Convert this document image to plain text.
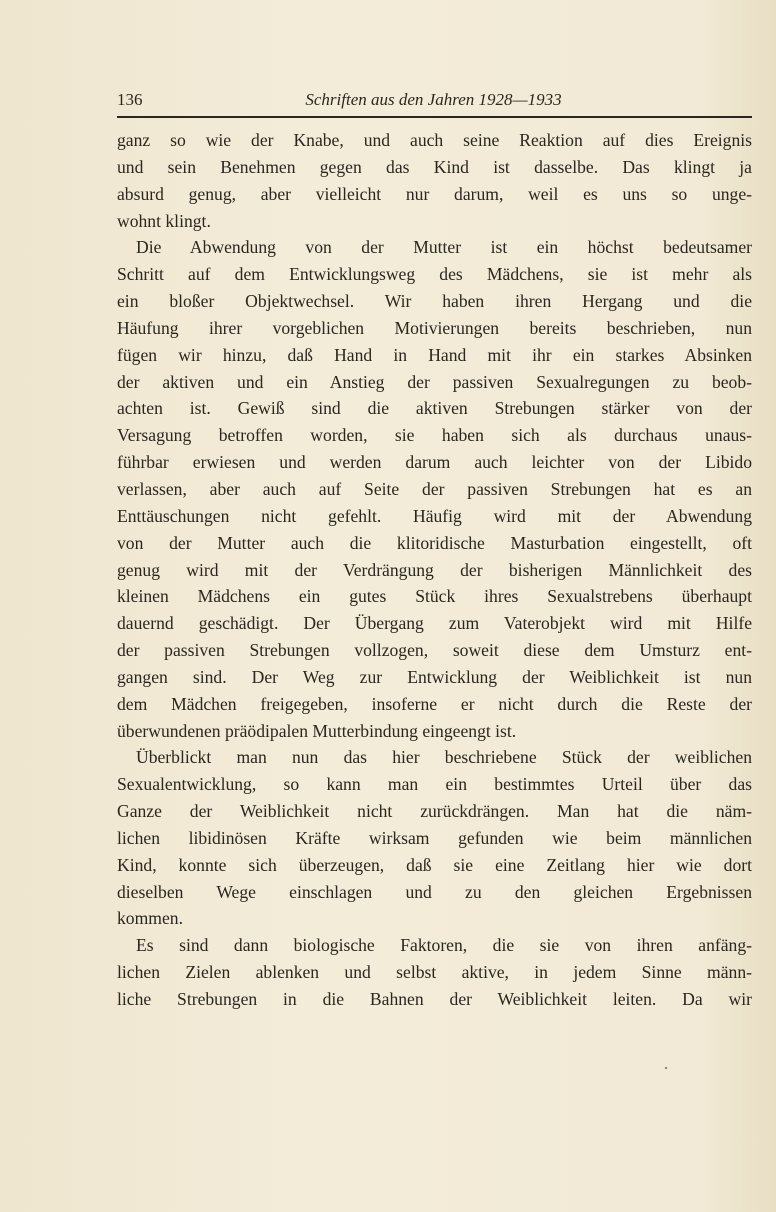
136	Schriften aus den Jahren 1928—1933
ganz so wie der Knabe, und auch seine Reaktion auf dies Ereignis
und sein Benehmen gegen das Kind ist dasselbe. Das klingt ja
absurd genug, aber vielleicht nur darum, weil es uns so unge-
wohnt klingt.
Die Abwendung von der Mutter ist ein höchst bedeutsamer
Schritt auf dem Entwicklungsweg des Mädchens, sie ist mehr als
ein bloßer Objektwechsel. Wir haben ihren Hergang und die
Häufung ihrer vorgeblichen Motivierungen bereits beschrieben, nun
fügen wir hinzu, daß Hand in Hand mit ihr ein starkes Absinken
der aktiven und ein Anstieg der passiven Sexualregungen zu beob-
achten ist. Gewiß sind die aktiven Strebungen stärker von der
Versagung betroffen worden, sie haben sich als durchaus unaus-
führbar erwiesen und werden darum auch leichter von der Libido
verlassen, aber auch auf Seite der passiven Strebungen hat es an
Enttäuschungen nicht gefehlt. Häufig wird mit der Abwendung
von der Mutter auch die klitoridische Masturbation eingestellt, oft
genug wird mit der Verdrängung der bisherigen Männlichkeit des
kleinen Mädchens ein gutes Stück ihres Sexualstrebens überhaupt
dauernd geschädigt. Der Übergang zum Vaterobjekt wird mit Hilfe
der passiven Strebungen vollzogen, soweit diese dem Umsturz ent-
gangen sind. Der Weg zur Entwicklung der Weiblichkeit ist nun
dem Mädchen freigegeben, insoferne er nicht durch die Reste der
überwundenen präödipalen Mutterbindung eingeengt ist.
Überblickt man nun das hier beschriebene Stück der weiblichen
Sexualentwicklung, so kann man ein bestimmtes Urteil über das
Ganze der Weiblichkeit nicht zurückdrängen. Man hat die näm-
lichen libidinösen Kräfte wirksam gefunden wie beim männlichen
Kind, konnte sich überzeugen, daß sie eine Zeitlang hier wie dort
dieselben Wege einschlagen und zu den gleichen Ergebnissen
kommen.
Es sind dann biologische Faktoren, die sie von ihren anfäng-
lichen Zielen ablenken und selbst aktive, in jedem Sinne männ-
liche Strebungen in die Bahnen der Weiblichkeit leiten. Da wir
